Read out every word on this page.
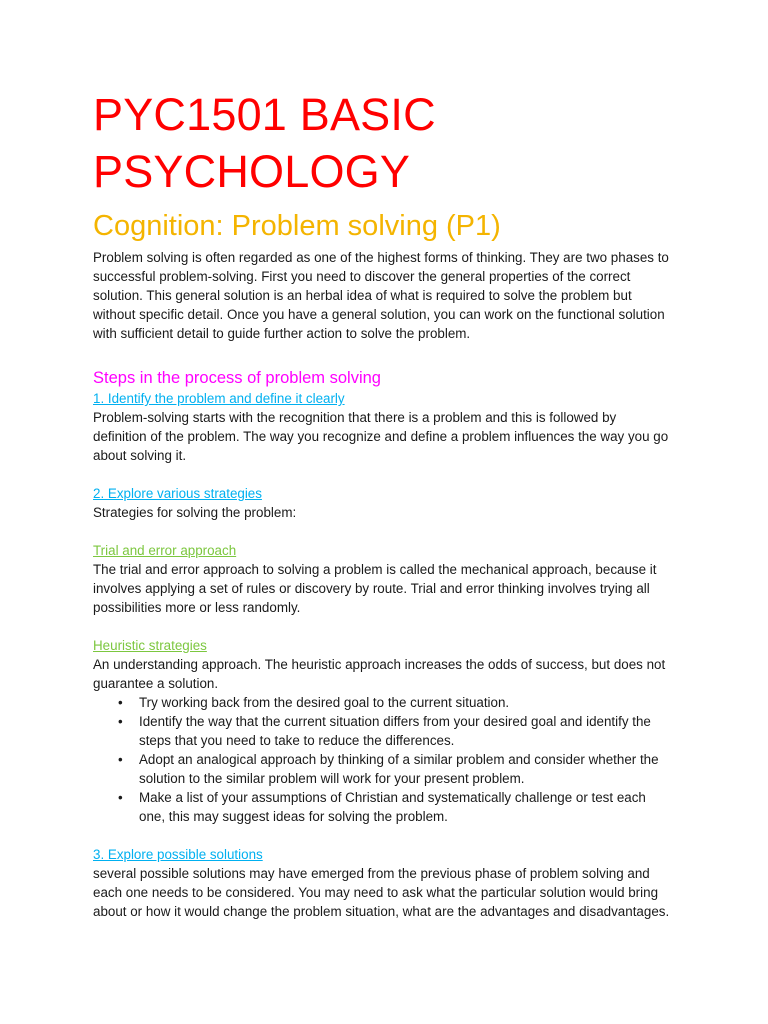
PYC1501 BASIC
PSYCHOLOGY
Cognition: Problem solving (P1)

Problem solving is often regarded as one of the highest forms of thinking. They are two phases to successful problem-solving. First you need to discover the general properties of the correct solution. This general solution is an herbal idea of what is required to solve the problem but without specific detail. Once you have a general solution, you can work on the functional solution with sufficient detail to guide further action to solve the problem.

Steps in the process of problem solving

1. Identify the problem and define it clearly

Problem-solving starts with the recognition that there is a problem and this is followed by definition of the problem. The way you recognize and define a problem influences the way you go about solving it.

2. Explore various strategies

Strategies for solving the problem:

Trial and error approach

The trial and error approach to solving a problem is called the mechanical approach, because it involves applying a set of rules or discovery by route. Trial and error thinking involves trying all possibilities more or less randomly.

Heuristic strategies

An understanding approach. The heuristic approach increases the odds of success, but does not guarantee a solution.

• Try working back from the desired goal to the current situation.
• Identify the way that the current situation differs from your desired goal and identify the steps that you need to take to reduce the differences.
• Adopt an analogical approach by thinking of a similar problem and consider whether the solution to the similar problem will work for your present problem.
• Make a list of your assumptions of Christian and systematically challenge or test each one, this may suggest ideas for solving the problem.

3. Explore possible solutions

several possible solutions may have emerged from the previous phase of problem solving and each one needs to be considered. You may need to ask what the particular solution would bring about or how it would change the problem situation, what are the advantages and disadvantages.
